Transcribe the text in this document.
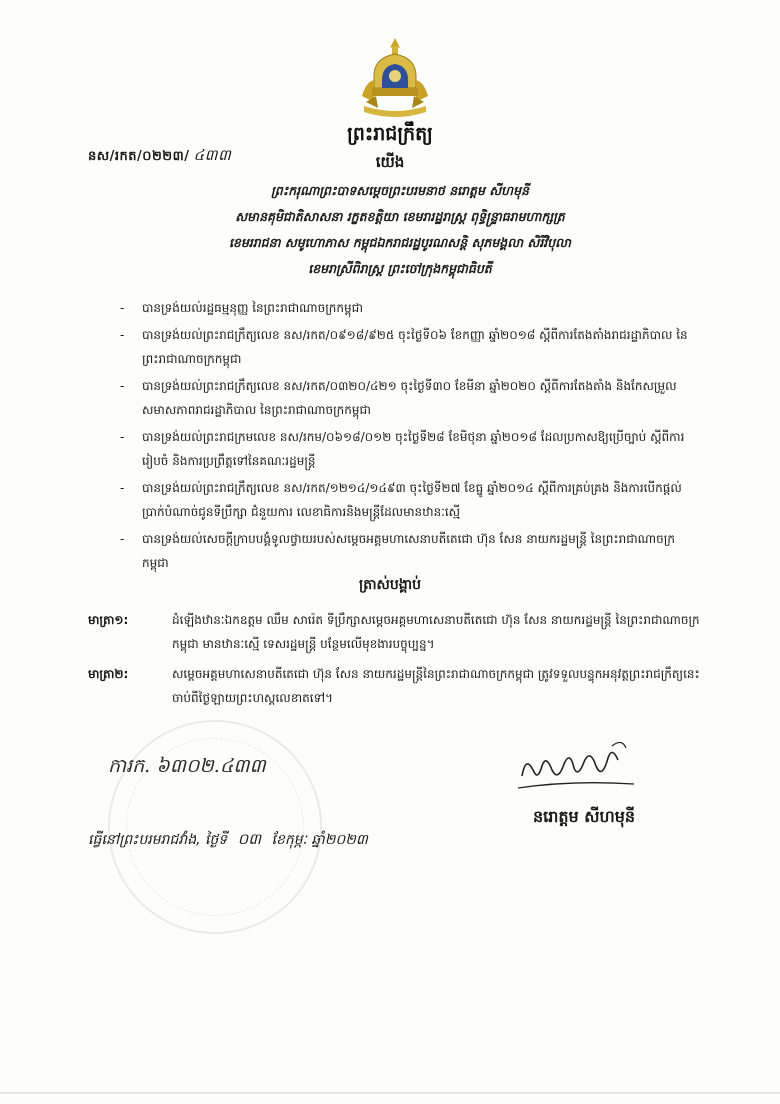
ព្រះរាជក្រឹត្យ
នស/រកត/០២២៣/ ៤៣៣	យើង
ព្រះករុណាព្រះបាទសម្តេចព្រះបរមនាថ នរោត្តម សីហមុនី
សមានគុមិជាតិសាសនា រក្ខតខត្តិយា ខេមរារដ្ឋរាស្ត្រ ពុទ្ធិន្ទ្រាធរាមហាក្សត្រ
ខេមររាជនា សមូហោភាស កម្ពុជឯករាជរដ្ឋបូរណសន្តិ សុភមង្គលា សិរីវិបុលា
ខេមរាស្រីពិរាស្ត្រ ព្រះចៅក្រុងកម្ពុជាធិបតី
- បានទ្រង់យល់រដ្ឋធម្មនុញ្ញ នៃព្រះរាជាណាចក្រកម្ពុជា
- បានទ្រង់យល់ព្រះរាជក្រឹត្យលេខ នស/រកត/០៩១៨/៩២៥ ចុះថ្ងៃទី០៦ ខែកញ្ញា ឆ្នាំ២០១៨ ស្តីពីការតែងតាំងរាជរដ្ឋាភិបាល នៃព្រះរាជាណាចក្រកម្ពុជា
- បានទ្រង់យល់ព្រះរាជក្រឹត្យលេខ នស/រកត/០៣២០/៤២១ ចុះថ្ងៃទី៣០ ខែមីនា ឆ្នាំ២០២០ ស្តីពីការតែងតាំង និងកែសម្រួលសមាសភាពរាជរដ្ឋាភិបាល នៃព្រះរាជាណាចក្រកម្ពុជា
- បានទ្រង់យល់ព្រះរាជក្រមលេខ នស/រកម/០៦១៨/០១២ ចុះថ្ងៃទី២៨ ខែមិថុនា ឆ្នាំ២០១៨ ដែលប្រកាសឱ្យប្រើច្បាប់ ស្តីពីការរៀបចំ និងការប្រព្រឹត្តទៅនៃគណៈរដ្ឋមន្ត្រី
- បានទ្រង់យល់ព្រះរាជក្រឹត្យលេខ នស/រកត/១២១៤/១៤៩៣ ចុះថ្ងៃទី២៧ ខែធ្នូ ឆ្នាំ២០១៤ ស្តីពីការគ្រប់គ្រង និងការបើកផ្តល់ប្រាក់បំណាច់ជូនទីប្រឹក្សា ជំនួយការ លេខាធិការនិងមន្ត្រីដែលមានឋានៈស្មើ
- បានទ្រង់យល់សេចក្តីក្រាបបង្គំទូលថ្វាយរបស់សម្តេចអគ្គមហាសេនាបតីតេជោ ហ៊ុន សែន នាយករដ្ឋមន្ត្រី នៃព្រះរាជាណាចក្រកម្ពុជា
ត្រាស់បង្គាប់
មាត្រា១:	ដំឡើងឋានៈឯកឧត្តម ឈឹម សារ៉េត ទីប្រឹក្សាសម្តេចអគ្គមហាសេនាបតីតេជោ ហ៊ុន សែន នាយករដ្ឋមន្ត្រី នៃព្រះរាជាណាចក្រកម្ពុជា មានឋានៈស្មើ ទេសរដ្ឋមន្ត្រី បន្ថែមលើមុខងារបច្ចុប្បន្ន។
មាត្រា២:	សម្តេចអគ្គមហាសេនាបតីតេជោ ហ៊ុន សែន នាយករដ្ឋមន្ត្រីនៃព្រះរាជាណាចក្រកម្ពុជា ត្រូវទទួលបន្ទុកអនុវត្តព្រះរាជក្រឹត្យនេះ ចាប់ពីថ្ងៃឡាយព្រះហស្តលេខាតទៅ។
ការក. ៦៣០២.៤៣៣
នរោត្តម សីហមុនី
ធ្វើនៅព្រះបរមរាជវាំង, ថ្ងៃទី ០៣ ខែកុម្ភៈ ឆ្នាំ២០២៣
